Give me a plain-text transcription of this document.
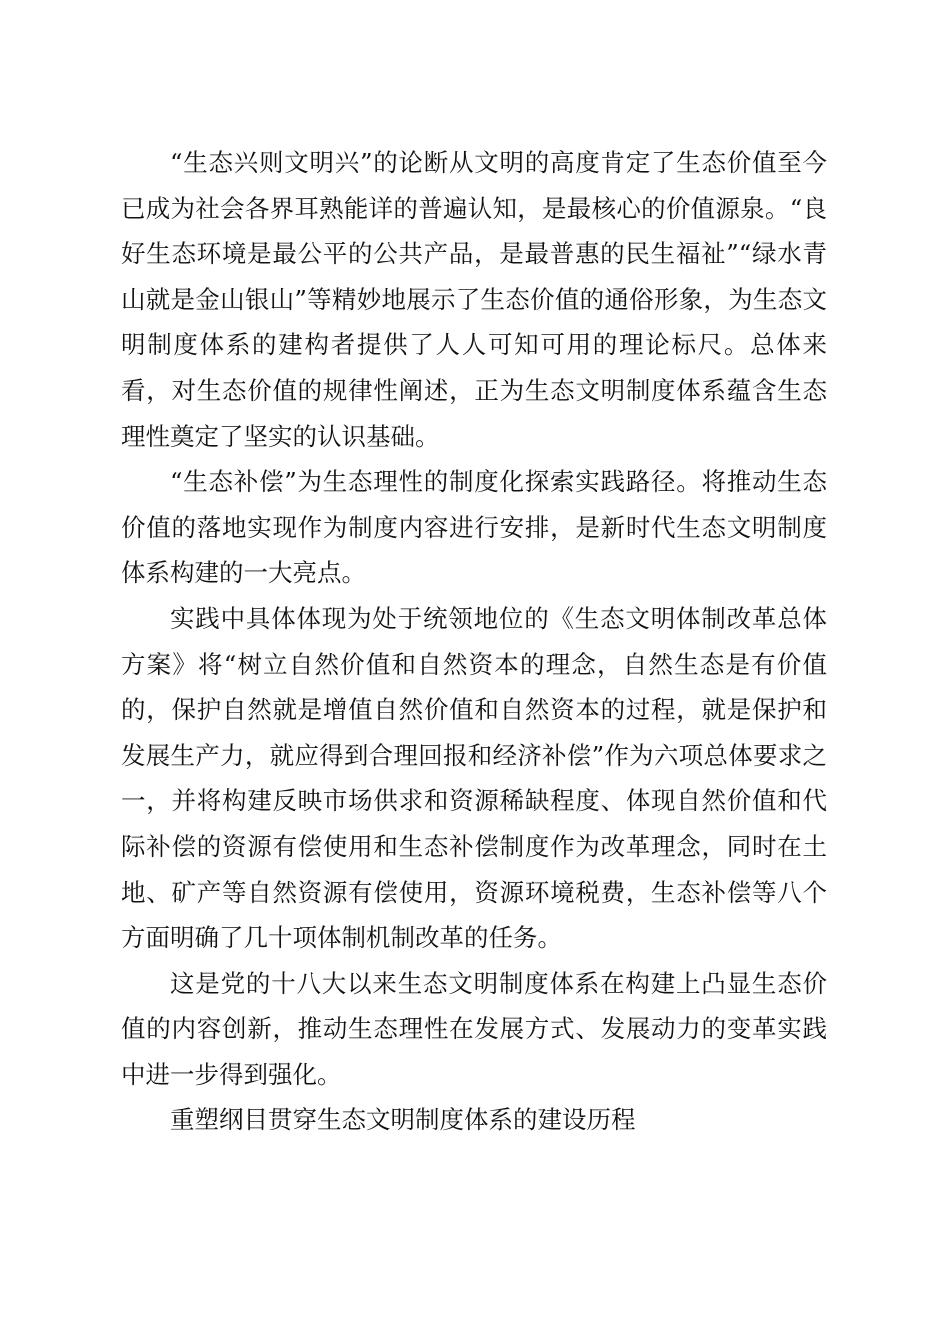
“生态兴则文明兴”的论断从文明的高度肯定了生态价值至今已成为社会各界耳熟能详的普遍认知，是最核心的价值源泉。“良好生态环境是最公平的公共产品，是最普惠的民生福祉”“绿水青山就是金山银山”等精妙地展示了生态价值的通俗形象，为生态文明制度体系的建构者提供了人人可知可用的理论标尺。总体来看，对生态价值的规律性阐述，正为生态文明制度体系蕴含生态理性奠定了坚实的认识基础。

“生态补偿”为生态理性的制度化探索实践路径。将推动生态价值的落地实现作为制度内容进行安排，是新时代生态文明制度体系构建的一大亮点。

实践中具体体现为处于统领地位的《生态文明体制改革总体方案》将“树立自然价值和自然资本的理念，自然生态是有价值的，保护自然就是增值自然价值和自然资本的过程，就是保护和发展生产力，就应得到合理回报和经济补偿”作为六项总体要求之一，并将构建反映市场供求和资源稀缺程度、体现自然价值和代际补偿的资源有偿使用和生态补偿制度作为改革理念，同时在土地、矿产等自然资源有偿使用，资源环境税费，生态补偿等八个方面明确了几十项体制机制改革的任务。

这是党的十八大以来生态文明制度体系在构建上凸显生态价值的内容创新，推动生态理性在发展方式、发展动力的变革实践中进一步得到强化。

重塑纲目贯穿生态文明制度体系的建设历程
